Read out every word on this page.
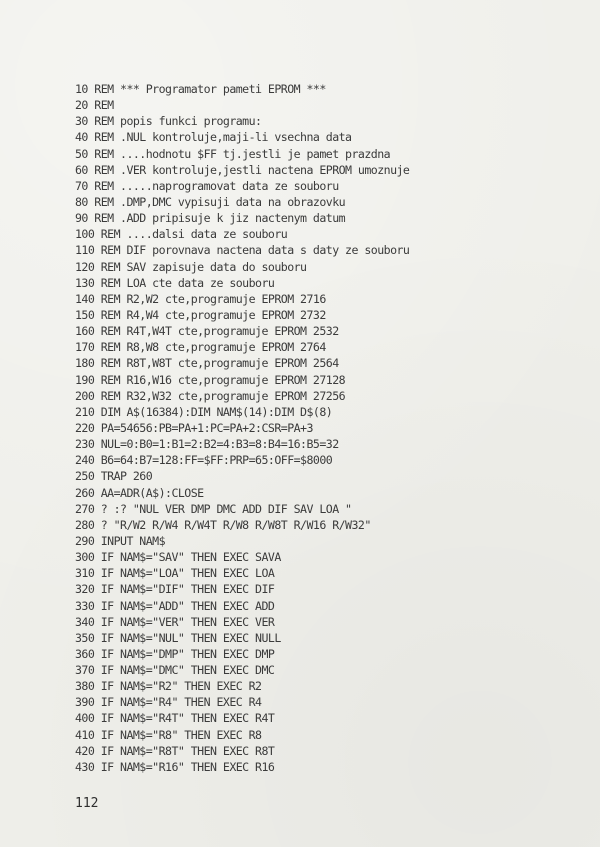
10 REM *** Programator pameti EPROM ***
20 REM
30 REM popis funkci programu:
40 REM .NUL kontroluje,maji-li vsechna data
50 REM ....hodnotu $FF tj.jestli je pamet prazdna
60 REM .VER kontroluje,jestli nactena EPROM umoznuje
70 REM .....naprogramovat data ze souboru
80 REM .DMP,DMC vypisuji data na obrazovku
90 REM .ADD pripisuje k jiz nactenym datum
100 REM ....dalsi data ze souboru
110 REM DIF porovnava nactena data s daty ze souboru
120 REM SAV zapisuje data do souboru
130 REM LOA cte data ze souboru
140 REM R2,W2 cte,programuje EPROM 2716
150 REM R4,W4 cte,programuje EPROM 2732
160 REM R4T,W4T cte,programuje EPROM 2532
170 REM R8,W8 cte,programuje EPROM 2764
180 REM R8T,W8T cte,programuje EPROM 2564
190 REM R16,W16 cte,programuje EPROM 27128
200 REM R32,W32 cte,programuje EPROM 27256
210 DIM A$(16384):DIM NAM$(14):DIM D$(8)
220 PA=54656:PB=PA+1:PC=PA+2:CSR=PA+3
230 NUL=0:B0=1:B1=2:B2=4:B3=8:B4=16:B5=32
240 B6=64:B7=128:FF=$FF:PRP=65:OFF=$8000
250 TRAP 260
260 AA=ADR(A$):CLOSE
270 ? :? "NUL VER DMP DMC ADD DIF SAV LOA "
280 ? "R/W2 R/W4 R/W4T R/W8 R/W8T R/W16 R/W32"
290 INPUT NAM$
300 IF NAM$="SAV" THEN EXEC SAVA
310 IF NAM$="LOA" THEN EXEC LOA
320 IF NAM$="DIF" THEN EXEC DIF
330 IF NAM$="ADD" THEN EXEC ADD
340 IF NAM$="VER" THEN EXEC VER
350 IF NAM$="NUL" THEN EXEC NULL
360 IF NAM$="DMP" THEN EXEC DMP
370 IF NAM$="DMC" THEN EXEC DMC
380 IF NAM$="R2" THEN EXEC R2
390 IF NAM$="R4" THEN EXEC R4
400 IF NAM$="R4T" THEN EXEC R4T
410 IF NAM$="R8" THEN EXEC R8
420 IF NAM$="R8T" THEN EXEC R8T
430 IF NAM$="R16" THEN EXEC R16
112
